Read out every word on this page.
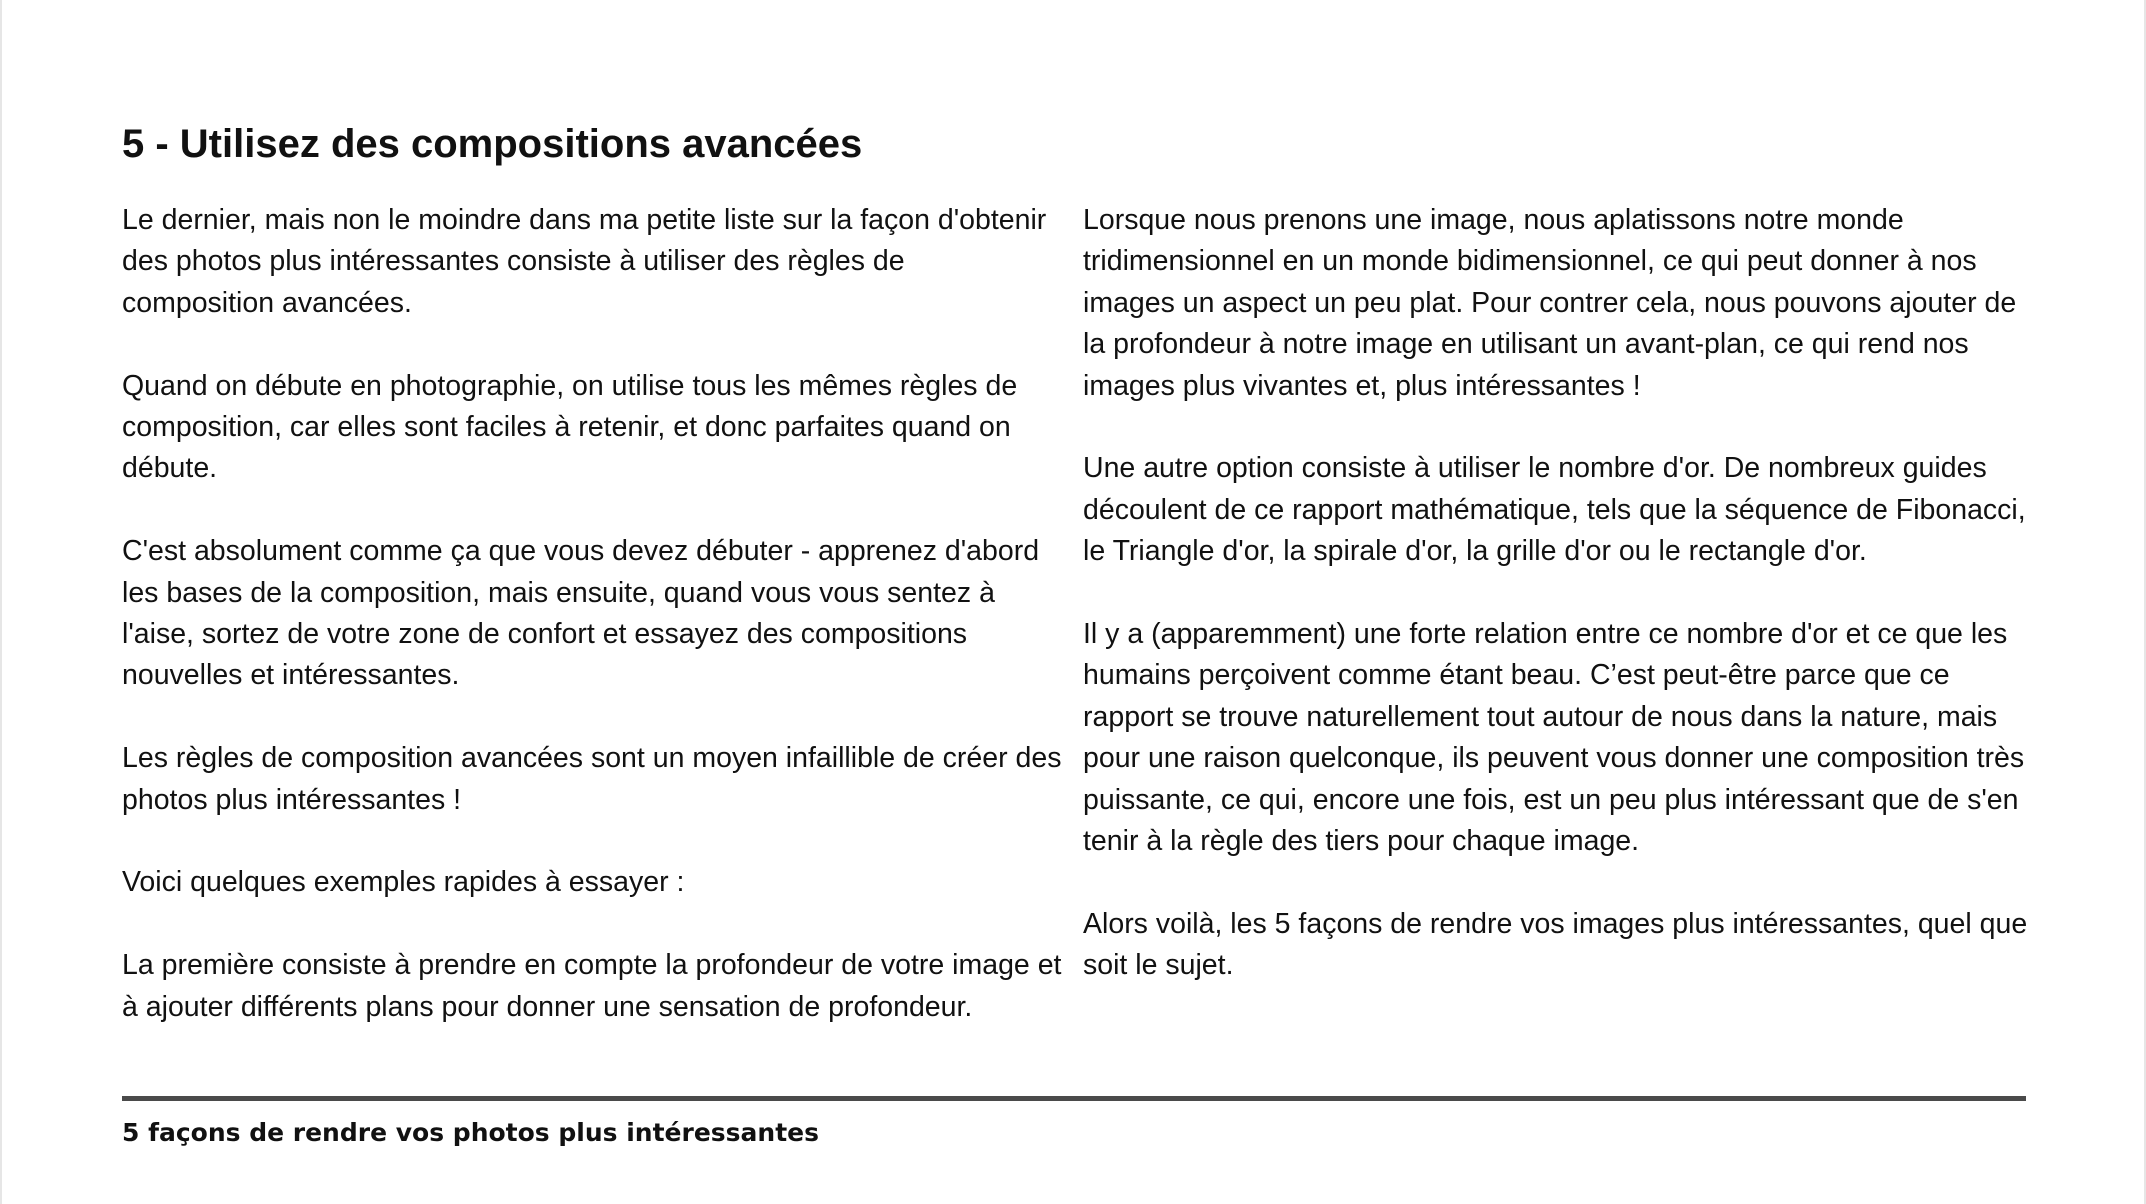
5 - Utilisez des compositions avancées

Le dernier, mais non le moindre dans ma petite liste sur la façon d'obtenir des photos plus intéressantes consiste à utiliser des règles de composition avancées.

Quand on débute en photographie, on utilise tous les mêmes règles de composition, car elles sont faciles à retenir, et donc parfaites quand on débute.

C'est absolument comme ça que vous devez débuter - apprenez d'abord les bases de la composition, mais ensuite, quand vous vous sentez à l'aise, sortez de votre zone de confort et essayez des compositions nouvelles et intéressantes.

Les règles de composition avancées sont un moyen infaillible de créer des photos plus intéressantes !

Voici quelques exemples rapides à essayer :

La première consiste à prendre en compte la profondeur de votre image et à ajouter différents plans pour donner une sensation de profondeur.

Lorsque nous prenons une image, nous aplatissons notre monde tridimensionnel en un monde bidimensionnel, ce qui peut donner à nos images un aspect un peu plat. Pour contrer cela, nous pouvons ajouter de la profondeur à notre image en utilisant un avant-plan, ce qui rend nos images plus vivantes et, plus intéressantes !

Une autre option consiste à utiliser le nombre d'or. De nombreux guides découlent de ce rapport mathématique, tels que la séquence de Fibonacci, le Triangle d'or, la spirale d'or, la grille d'or ou le rectangle d'or.

Il y a (apparemment) une forte relation entre ce nombre d'or et ce que les humains perçoivent comme étant beau. C’est peut-être parce que ce rapport se trouve naturellement tout autour de nous dans la nature, mais pour une raison quelconque, ils peuvent vous donner une composition très puissante, ce qui, encore une fois, est un peu plus intéressant que de s'en tenir à la règle des tiers pour chaque image.

Alors voilà, les 5 façons de rendre vos images plus intéressantes, quel que soit le sujet.

5 façons de rendre vos photos plus intéressantes
